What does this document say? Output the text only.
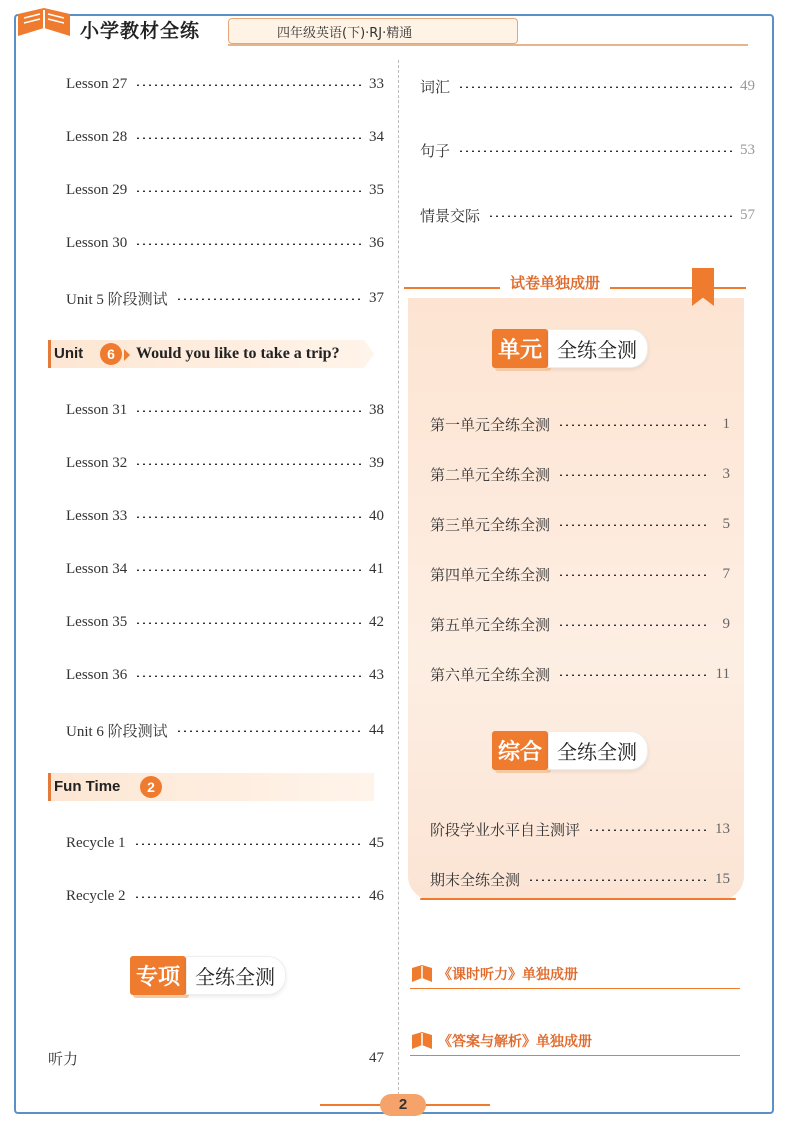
小学教材全练	四年级英语(下)·RJ·精通
Lesson 27	33
Lesson 28	34
Lesson 29	35
Lesson 30	36
Unit 5 阶段测试	37
Unit	6	Would you like to take a trip?
Lesson 31	38
Lesson 32	39
Lesson 33	40
Lesson 34	41
Lesson 35	42
Lesson 36	43
Unit 6 阶段测试	44
Fun Time	2
Recycle 1	45
Recycle 2	46
专项 全练全测
听力	47
词汇	49
句子	53
情景交际	57
试卷单独成册
单元 全练全测
第一单元全练全测	1
第二单元全练全测	3
第三单元全练全测	5
第四单元全练全测	7
第五单元全练全测	9
第六单元全练全测	11
综合 全练全测
阶段学业水平自主测评	13
期末全练全测	15
《课时听力》单独成册
《答案与解析》单独成册
2
